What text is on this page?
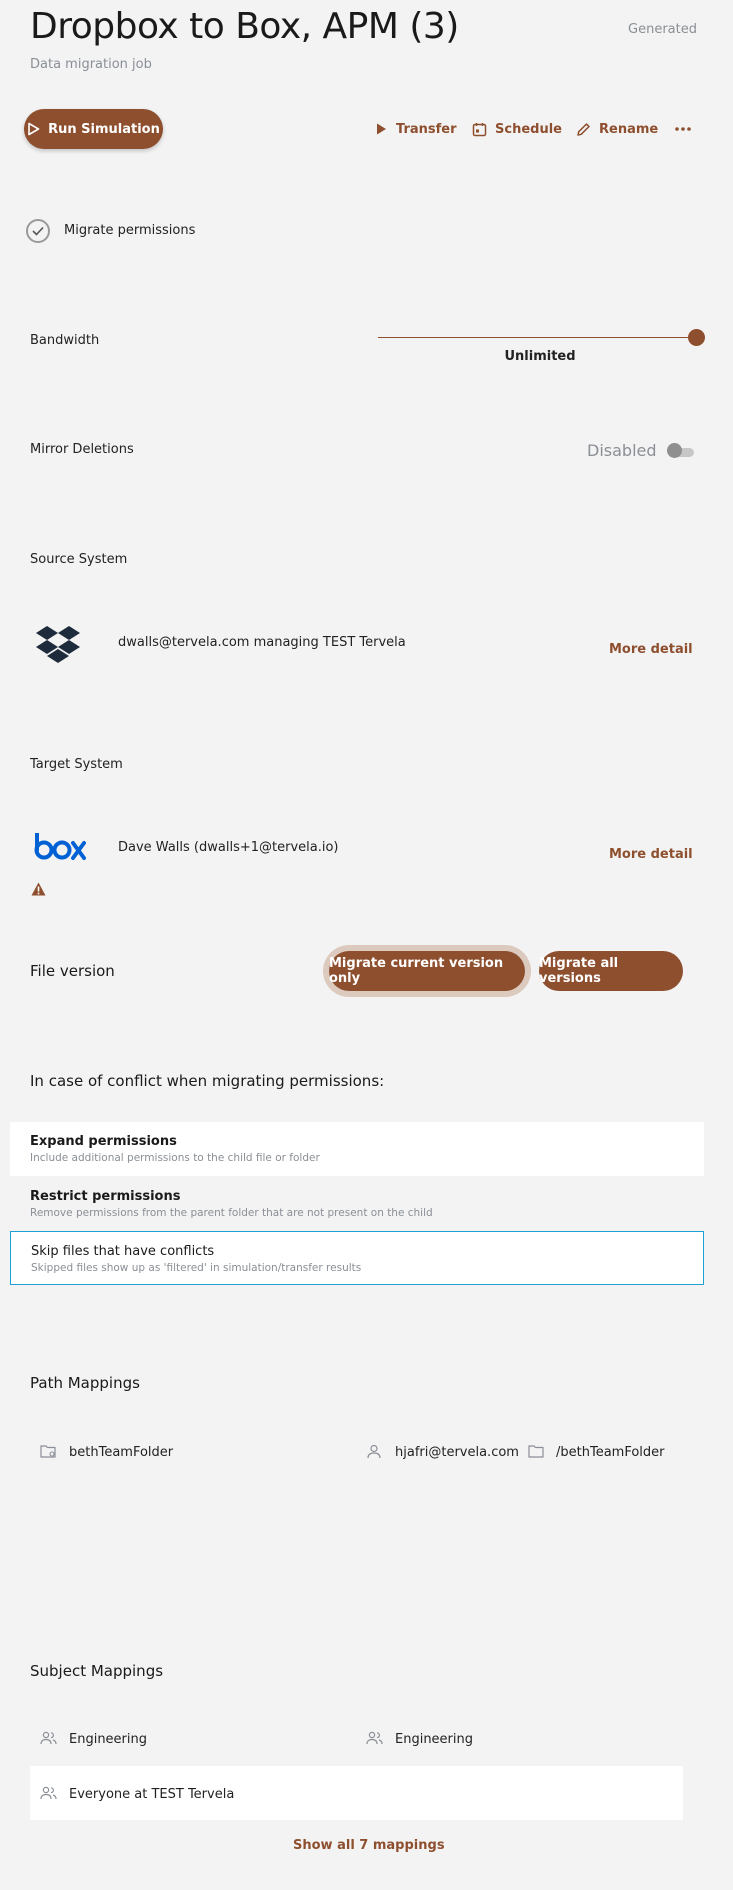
Dropbox to Box, APM (3)
Data migration job
Generated
Run Simulation	Transfer	Schedule	Rename
Migrate permissions
Bandwidth
Unlimited
Mirror Deletions	Disabled
Source System
dwalls@tervela.com managing TEST Tervela	More detail
Target System
Dave Walls (dwalls+1@tervela.io)	More detail
File version	Migrate current version only
Migrate all versions
In case of conflict when migrating permissions:
Expand permissions
Include additional permissions to the child file or folder
Restrict permissions
Remove permissions from the parent folder that are not present on the child
Skip files that have conflicts
Skipped files show up as 'filtered' in simulation/transfer results
Path Mappings
bethTeamFolder	hjafri@tervela.com	/bethTeamFolder
Subject Mappings
Engineering	Engineering
Everyone at TEST Tervela
Show all 7 mappings
